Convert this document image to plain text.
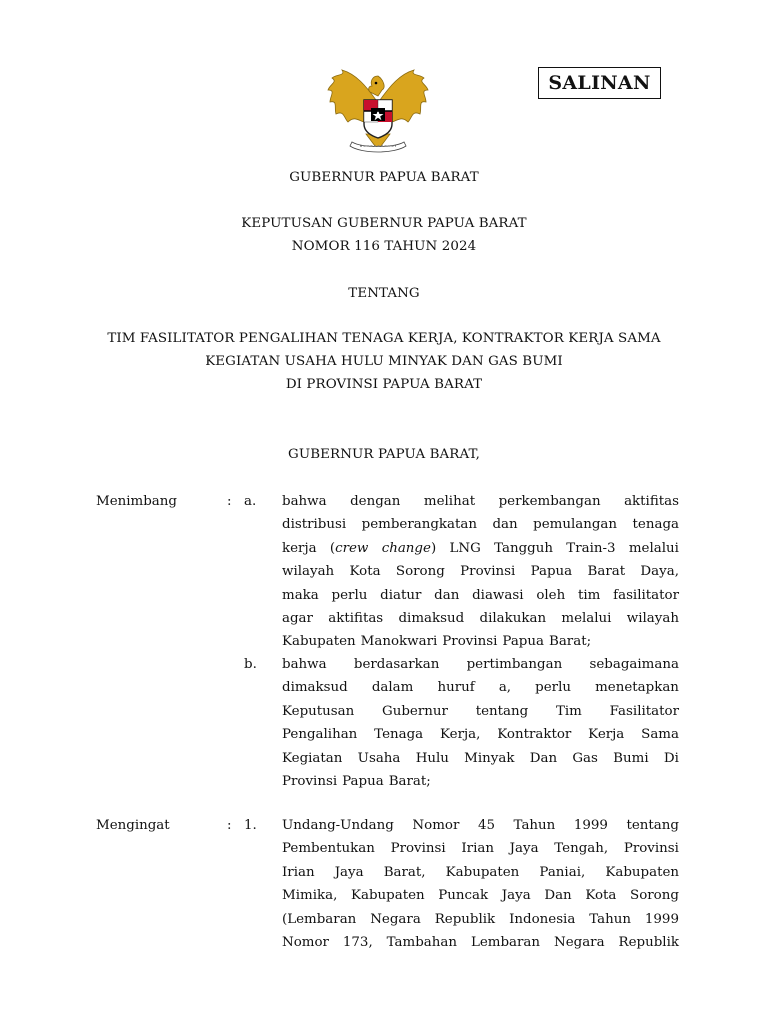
SALINAN
GUBERNUR PAPUA BARAT
KEPUTUSAN GUBERNUR PAPUA BARAT
NOMOR 116 TAHUN 2024
TENTANG
TIM FASILITATOR PENGALIHAN TENAGA KERJA, KONTRAKTOR KERJA SAMA
KEGIATAN USAHA HULU MINYAK DAN GAS BUMI
DI PROVINSI PAPUA BARAT
GUBERNUR PAPUA BARAT,
Menimbang	: a. bahwa dengan melihat perkembangan aktifitas
distribusi pemberangkatan dan pemulangan tenaga
kerja (crew change) LNG Tangguh Train-3 melalui
wilayah Kota Sorong Provinsi Papua Barat Daya,
maka perlu diatur dan diawasi oleh tim fasilitator
agar aktifitas dimaksud dilakukan melalui wilayah
Kabupaten Manokwari Provinsi Papua Barat;
b. bahwa berdasarkan pertimbangan sebagaimana
dimaksud dalam huruf a, perlu menetapkan
Keputusan Gubernur tentang Tim Fasilitator
Pengalihan Tenaga Kerja, Kontraktor Kerja Sama
Kegiatan Usaha Hulu Minyak Dan Gas Bumi Di
Provinsi Papua Barat;
Mengingat	: 1. Undang-Undang Nomor 45 Tahun 1999 tentang
Pembentukan Provinsi Irian Jaya Tengah, Provinsi
Irian Jaya Barat, Kabupaten Paniai, Kabupaten
Mimika, Kabupaten Puncak Jaya Dan Kota Sorong
(Lembaran Negara Republik Indonesia Tahun 1999
Nomor 173, Tambahan Lembaran Negara Republik
